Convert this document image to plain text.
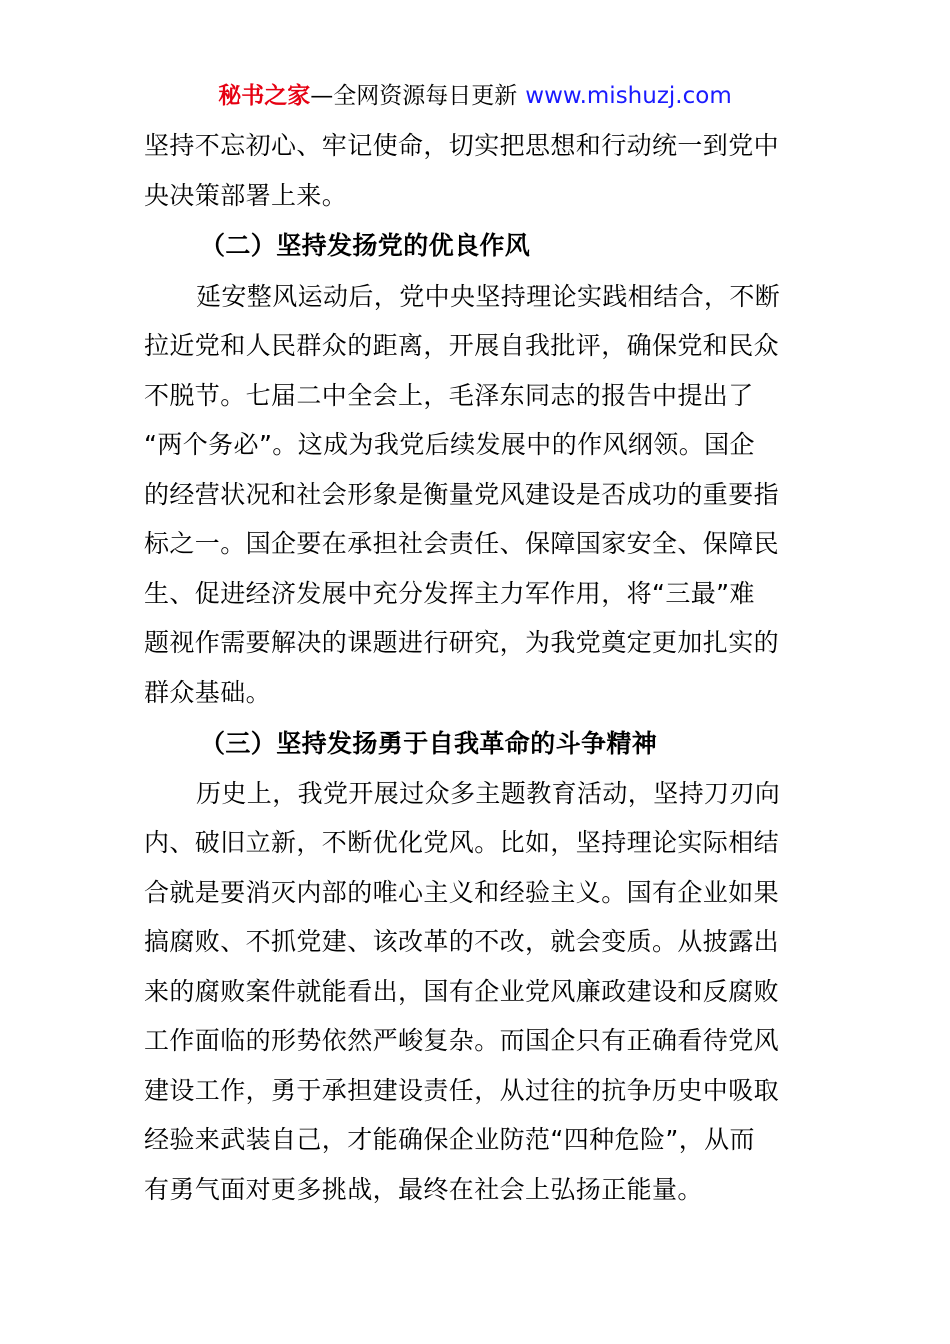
秘书之家—全网资源每日更新 www.mishuzj.com
坚持不忘初心、牢记使命，切实把思想和行动统一到党中
央决策部署上来。
（二）坚持发扬党的优良作风
延安整风运动后，党中央坚持理论实践相结合，不断
拉近党和人民群众的距离，开展自我批评，确保党和民众
不脱节。七届二中全会上，毛泽东同志的报告中提出了
“两个务必”。这成为我党后续发展中的作风纲领。国企
的经营状况和社会形象是衡量党风建设是否成功的重要指
标之一。国企要在承担社会责任、保障国家安全、保障民
生、促进经济发展中充分发挥主力军作用，将“三最”难
题视作需要解决的课题进行研究，为我党奠定更加扎实的
群众基础。
（三）坚持发扬勇于自我革命的斗争精神
历史上，我党开展过众多主题教育活动，坚持刀刃向
内、破旧立新，不断优化党风。比如，坚持理论实际相结
合就是要消灭内部的唯心主义和经验主义。国有企业如果
搞腐败、不抓党建、该改革的不改，就会变质。从披露出
来的腐败案件就能看出，国有企业党风廉政建设和反腐败
工作面临的形势依然严峻复杂。而国企只有正确看待党风
建设工作，勇于承担建设责任，从过往的抗争历史中吸取
经验来武装自己，才能确保企业防范“四种危险”，从而
有勇气面对更多挑战，最终在社会上弘扬正能量。
